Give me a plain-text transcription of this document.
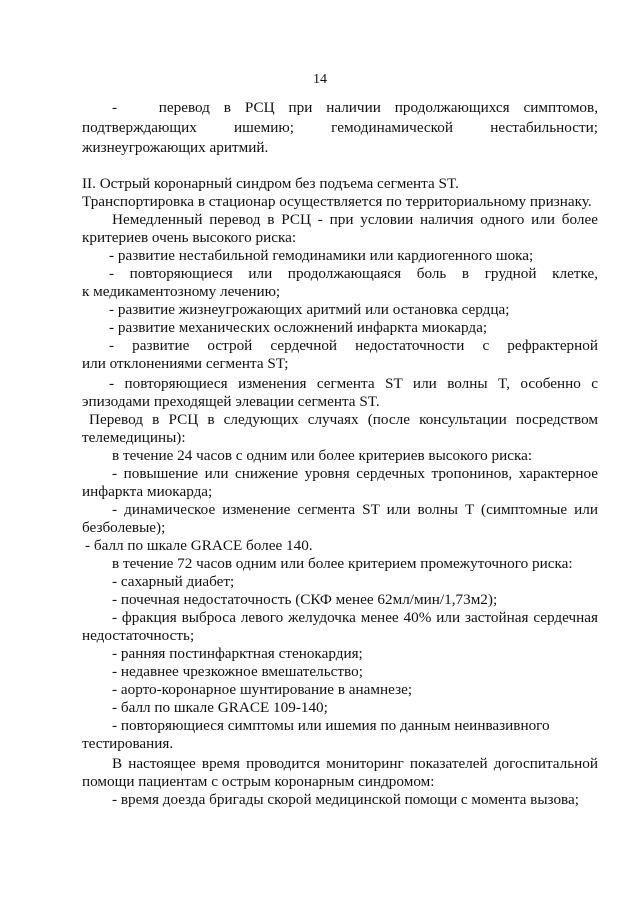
14
-   перевод в РСЦ при наличии продолжающихся симптомов,
подтверждающих ишемию; гемодинамической нестабильности;
жизнеугрожающих аритмий.
II. Острый коронарный синдром без подъема сегмента ST.
Транспортировка в стационар осуществляется по территориальному признаку.
Немедленный перевод в РСЦ - при условии наличия одного или более
критериев очень высокого риска:
- развитие нестабильной гемодинамики или кардиогенного шока;
- повторяющиеся или продолжающаяся боль в грудной клетке,
к медикаментозному лечению;
- развитие жизнеугрожающих аритмий или остановка сердца;
- развитие механических осложнений инфаркта миокарда;
- развитие острой сердечной недостаточности с рефрактерной
или отклонениями сегмента ST;
- повторяющиеся изменения сегмента ST или волны T, особенно с
эпизодами преходящей элевации сегмента ST.
Перевод в РСЦ в следующих случаях (после консультации посредством
телемедицины):
в течение 24 часов с одним или более критериев высокого риска:
- повышение или снижение уровня сердечных тропонинов, характерное
инфаркта миокарда;
- динамическое изменение сегмента ST или волны T (симптомные или
безболевые);
- балл по шкале GRACE более 140.
в течение 72 часов одним или более критерием промежуточного риска:
- сахарный диабет;
- почечная недостаточность (СКФ менее 62мл/мин/1,73м2);
- фракция выброса левого желудочка менее 40% или застойная сердечная
недостаточность;
- ранняя постинфарктная стенокардия;
- недавнее чрезкожное вмешательство;
- аорто-коронарное шунтирование в анамнезе;
- балл по шкале GRACE 109-140;
- повторяющиеся симптомы или ишемия по данным неинвазивного
тестирования.
В настоящее время проводится мониторинг показателей догоспитальной
помощи пациентам с острым коронарным синдромом:
- время доезда бригады скорой медицинской помощи с момента вызова;
